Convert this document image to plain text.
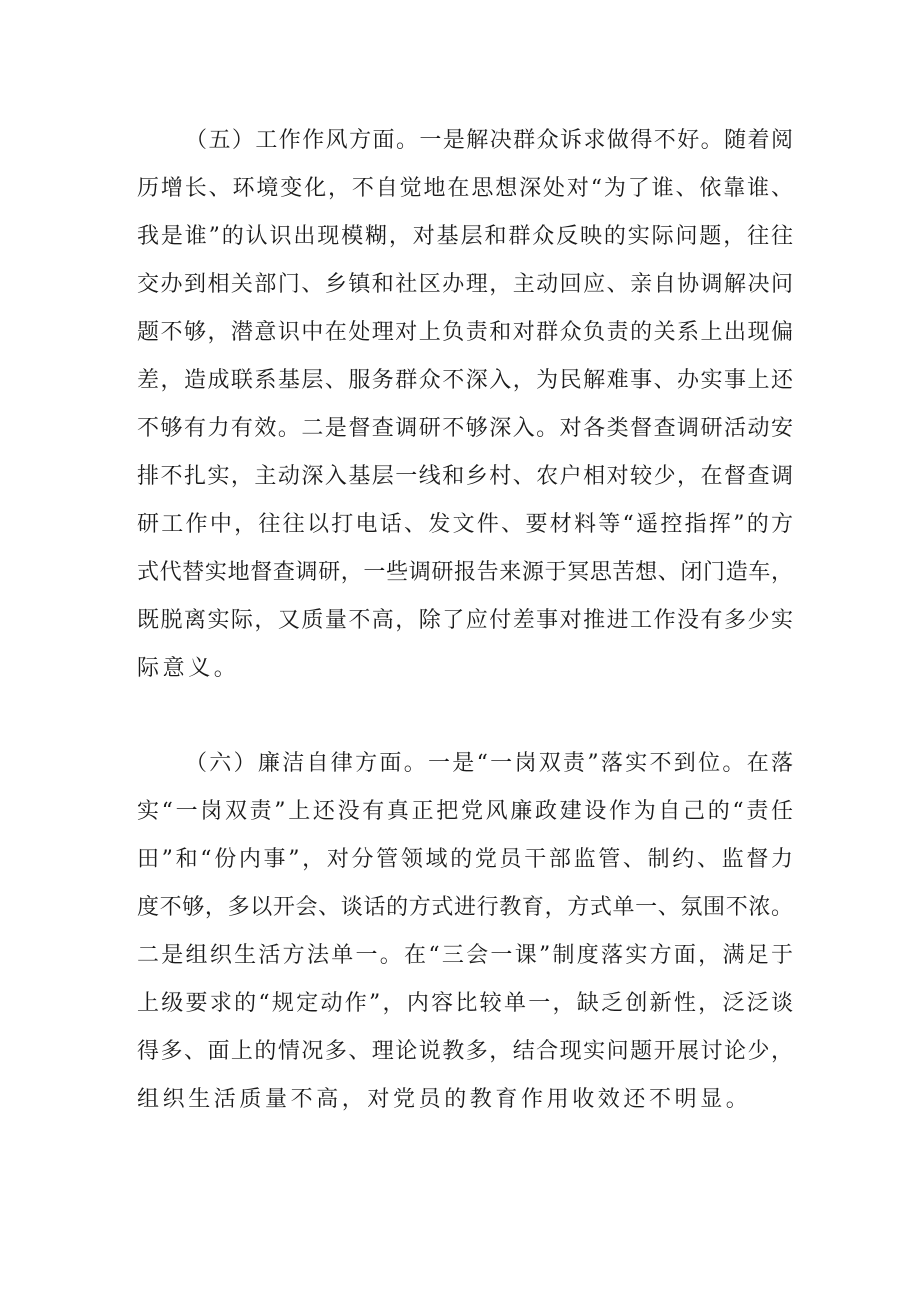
（五）工作作风方面。一是解决群众诉求做得不好。随着阅
历增长、环境变化，不自觉地在思想深处对“为了谁、依靠谁、
我是谁”的认识出现模糊，对基层和群众反映的实际问题，往往
交办到相关部门、乡镇和社区办理，主动回应、亲自协调解决问
题不够，潜意识中在处理对上负责和对群众负责的关系上出现偏
差，造成联系基层、服务群众不深入，为民解难事、办实事上还
不够有力有效。二是督查调研不够深入。对各类督查调研活动安
排不扎实，主动深入基层一线和乡村、农户相对较少，在督查调
研工作中，往往以打电话、发文件、要材料等“遥控指挥”的方
式代替实地督查调研，一些调研报告来源于冥思苦想、闭门造车，
既脱离实际，又质量不高，除了应付差事对推进工作没有多少实
际意义。
（六）廉洁自律方面。一是“一岗双责”落实不到位。在落
实“一岗双责”上还没有真正把党风廉政建设作为自己的“责任
田”和“份内事”，对分管领域的党员干部监管、制约、监督力
度不够，多以开会、谈话的方式进行教育，方式单一、氛围不浓。
二是组织生活方法单一。在“三会一课”制度落实方面，满足于
上级要求的“规定动作”，内容比较单一，缺乏创新性，泛泛谈
得多、面上的情况多、理论说教多，结合现实问题开展讨论少，
组织生活质量不高，对党员的教育作用收效还不明显。
